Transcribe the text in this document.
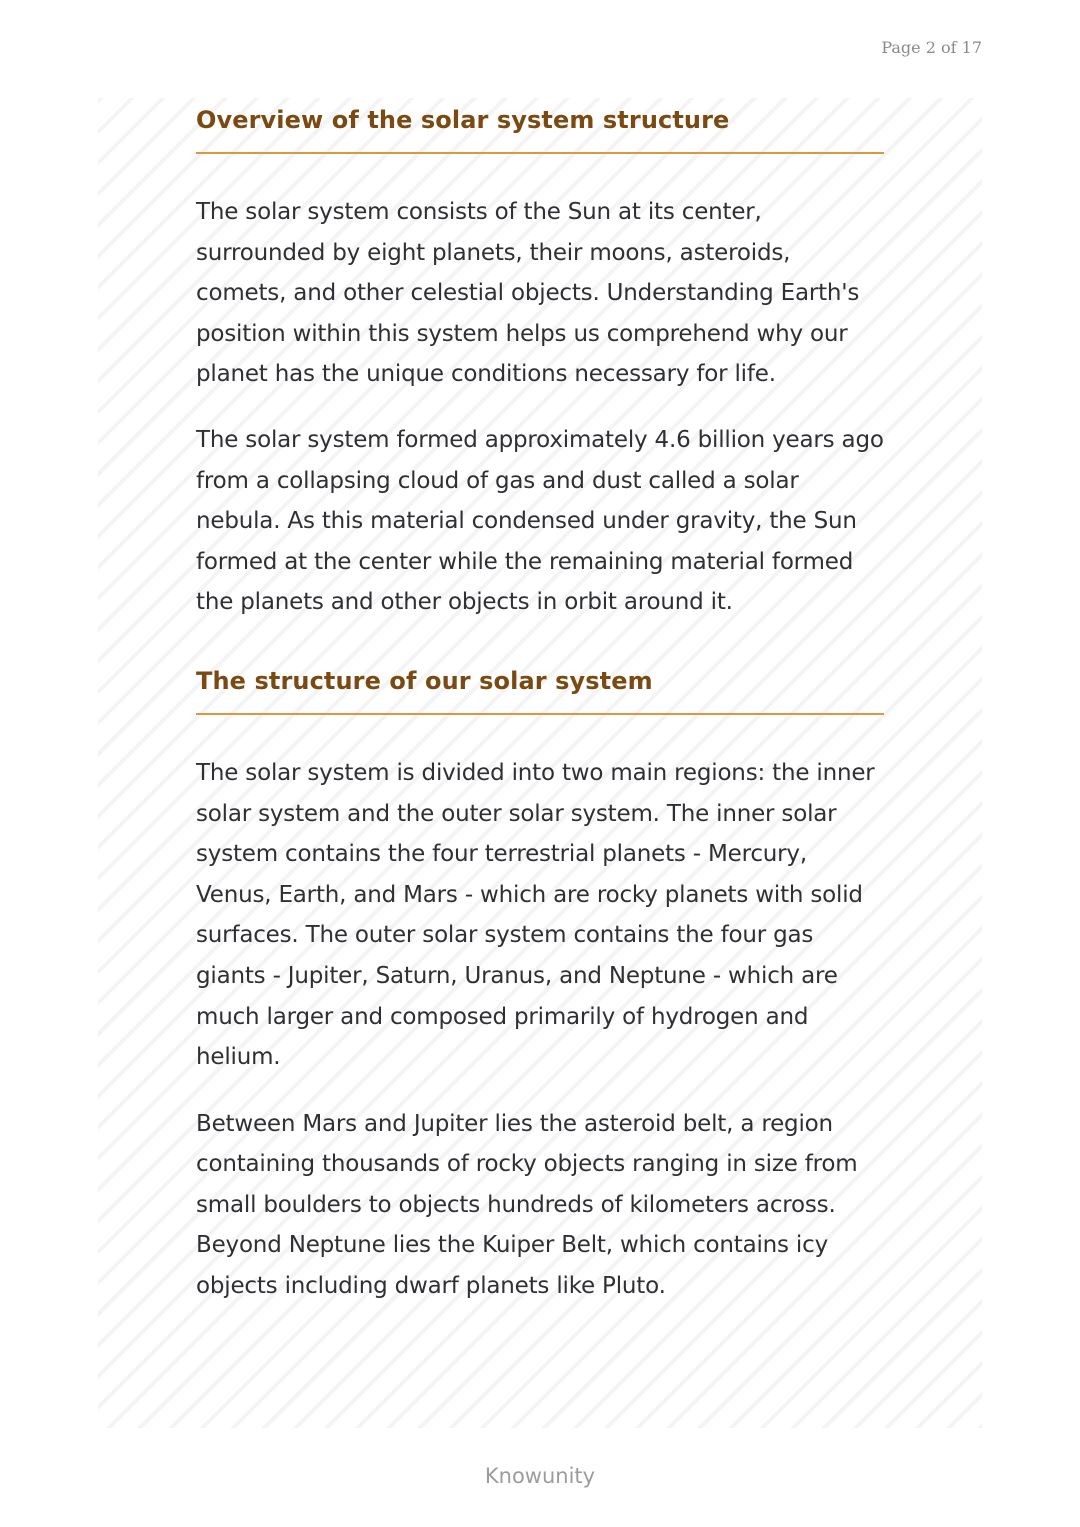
Page 2 of 17
Overview of the solar system structure

The solar system consists of the Sun at its center, surrounded by eight planets, their moons, asteroids, comets, and other celestial objects. Understanding Earth's position within this system helps us comprehend why our planet has the unique conditions necessary for life.

The solar system formed approximately 4.6 billion years ago from a collapsing cloud of gas and dust called a solar nebula. As this material condensed under gravity, the Sun formed at the center while the remaining material formed the planets and other objects in orbit around it.

The structure of our solar system

The solar system is divided into two main regions: the inner solar system and the outer solar system. The inner solar system contains the four terrestrial planets - Mercury, Venus, Earth, and Mars - which are rocky planets with solid surfaces. The outer solar system contains the four gas giants - Jupiter, Saturn, Uranus, and Neptune - which are much larger and composed primarily of hydrogen and helium.

Between Mars and Jupiter lies the asteroid belt, a region containing thousands of rocky objects ranging in size from small boulders to objects hundreds of kilometers across. Beyond Neptune lies the Kuiper Belt, which contains icy objects including dwarf planets like Pluto.

Knowunity
